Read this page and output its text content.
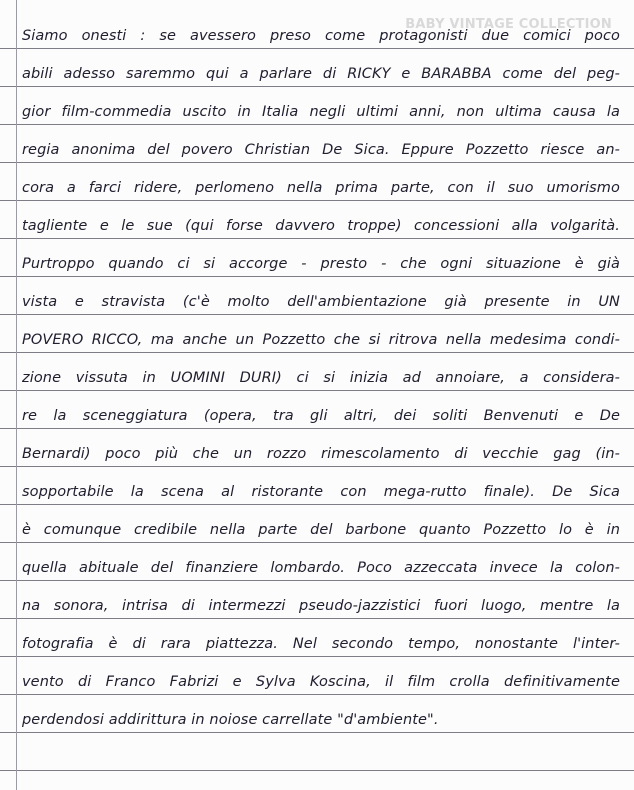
BABY VINTAGE COLLECTION
Siamo onesti : se avessero preso come protagonisti due comici poco
abili adesso saremmo qui a parlare di RICKY e BARABBA come del peg-
gior film-commedia uscito in Italia negli ultimi anni, non ultima causa la
regia anonima del povero Christian De Sica. Eppure Pozzetto riesce an-
cora a farci ridere, perlomeno nella prima parte, con il suo umorismo
tagliente e le sue (qui forse davvero troppe) concessioni alla volgarità.
Purtroppo quando ci si accorge - presto - che ogni situazione è già
vista e stravista (c'è molto dell'ambientazione già presente in UN
POVERO RICCO, ma anche un Pozzetto che si ritrova nella medesima condi-
zione vissuta in UOMINI DURI) ci si inizia ad annoiare, a considera-
re la sceneggiatura (opera, tra gli altri, dei soliti Benvenuti e De
Bernardi) poco più che un rozzo rimescolamento di vecchie gag (in-
sopportabile la scena al ristorante con mega-rutto finale). De Sica
è comunque credibile nella parte del barbone quanto Pozzetto lo è in
quella abituale del finanziere lombardo. Poco azzeccata invece la colon-
na sonora, intrisa di intermezzi pseudo-jazzistici fuori luogo, mentre la
fotografia è di rara piattezza. Nel secondo tempo, nonostante l'inter-
vento di Franco Fabrizi e Sylva Koscina, il film crolla definitivamente
perdendosi addirittura in noiose carrellate "d'ambiente".
